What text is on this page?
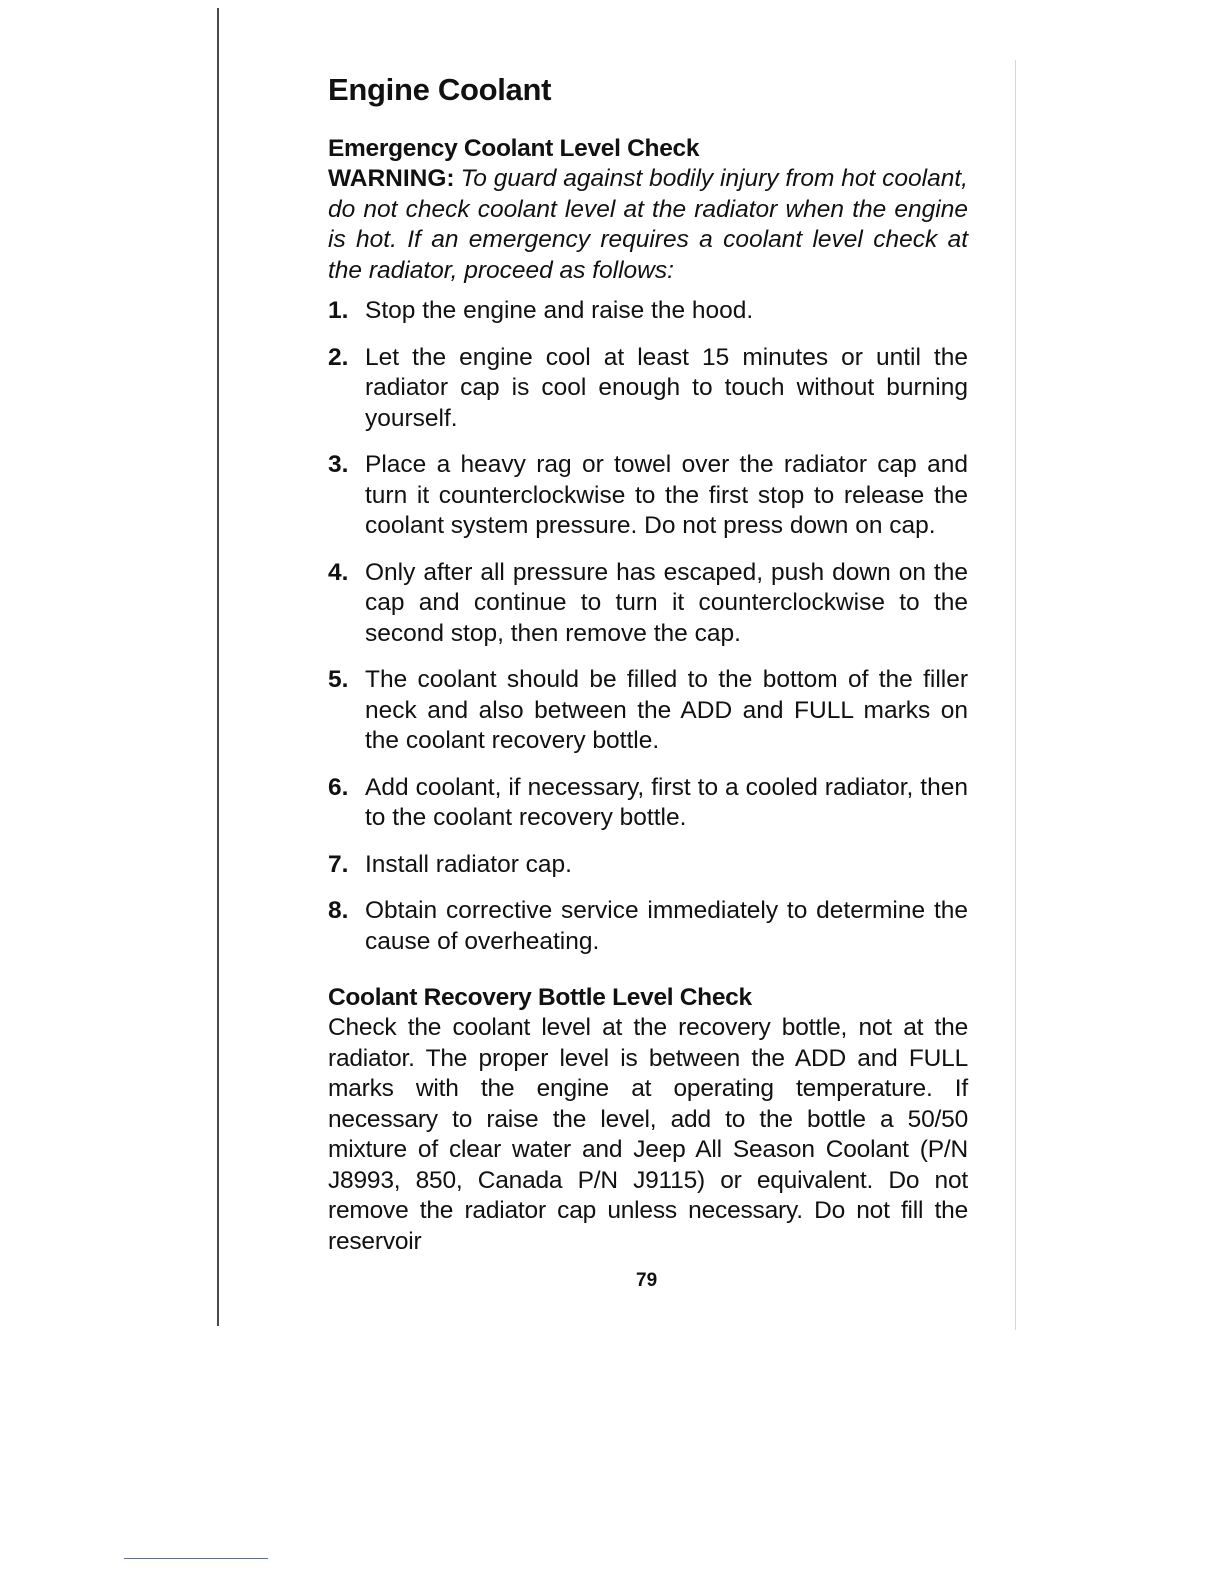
Engine Coolant
Emergency Coolant Level Check

WARNING: To guard against bodily injury from hot coolant, do not check coolant level at the radiator when the engine is hot. If an emergency requires a coolant level check at the radiator, proceed as follows:

1. Stop the engine and raise the hood.
2. Let the engine cool at least 15 minutes or until the radiator cap is cool enough to touch without burning yourself.
3. Place a heavy rag or towel over the radiator cap and turn it counterclockwise to the first stop to release the coolant system pressure. Do not press down on cap.
4. Only after all pressure has escaped, push down on the cap and continue to turn it counterclockwise to the second stop, then remove the cap.
5. The coolant should be filled to the bottom of the filler neck and also between the ADD and FULL marks on the coolant recovery bottle.
6. Add coolant, if necessary, first to a cooled radiator, then to the coolant recovery bottle.
7. Install radiator cap.
8. Obtain corrective service immediately to determine the cause of overheating.
Coolant Recovery Bottle Level Check

Check the coolant level at the recovery bottle, not at the radiator. The proper level is between the ADD and FULL marks with the engine at operating temperature. If necessary to raise the level, add to the bottle a 50/50 mixture of clear water and Jeep All Season Coolant (P/N J8993, 850, Canada P/N J9115) or equivalent. Do not remove the radiator cap unless necessary. Do not fill the reservoir

79
